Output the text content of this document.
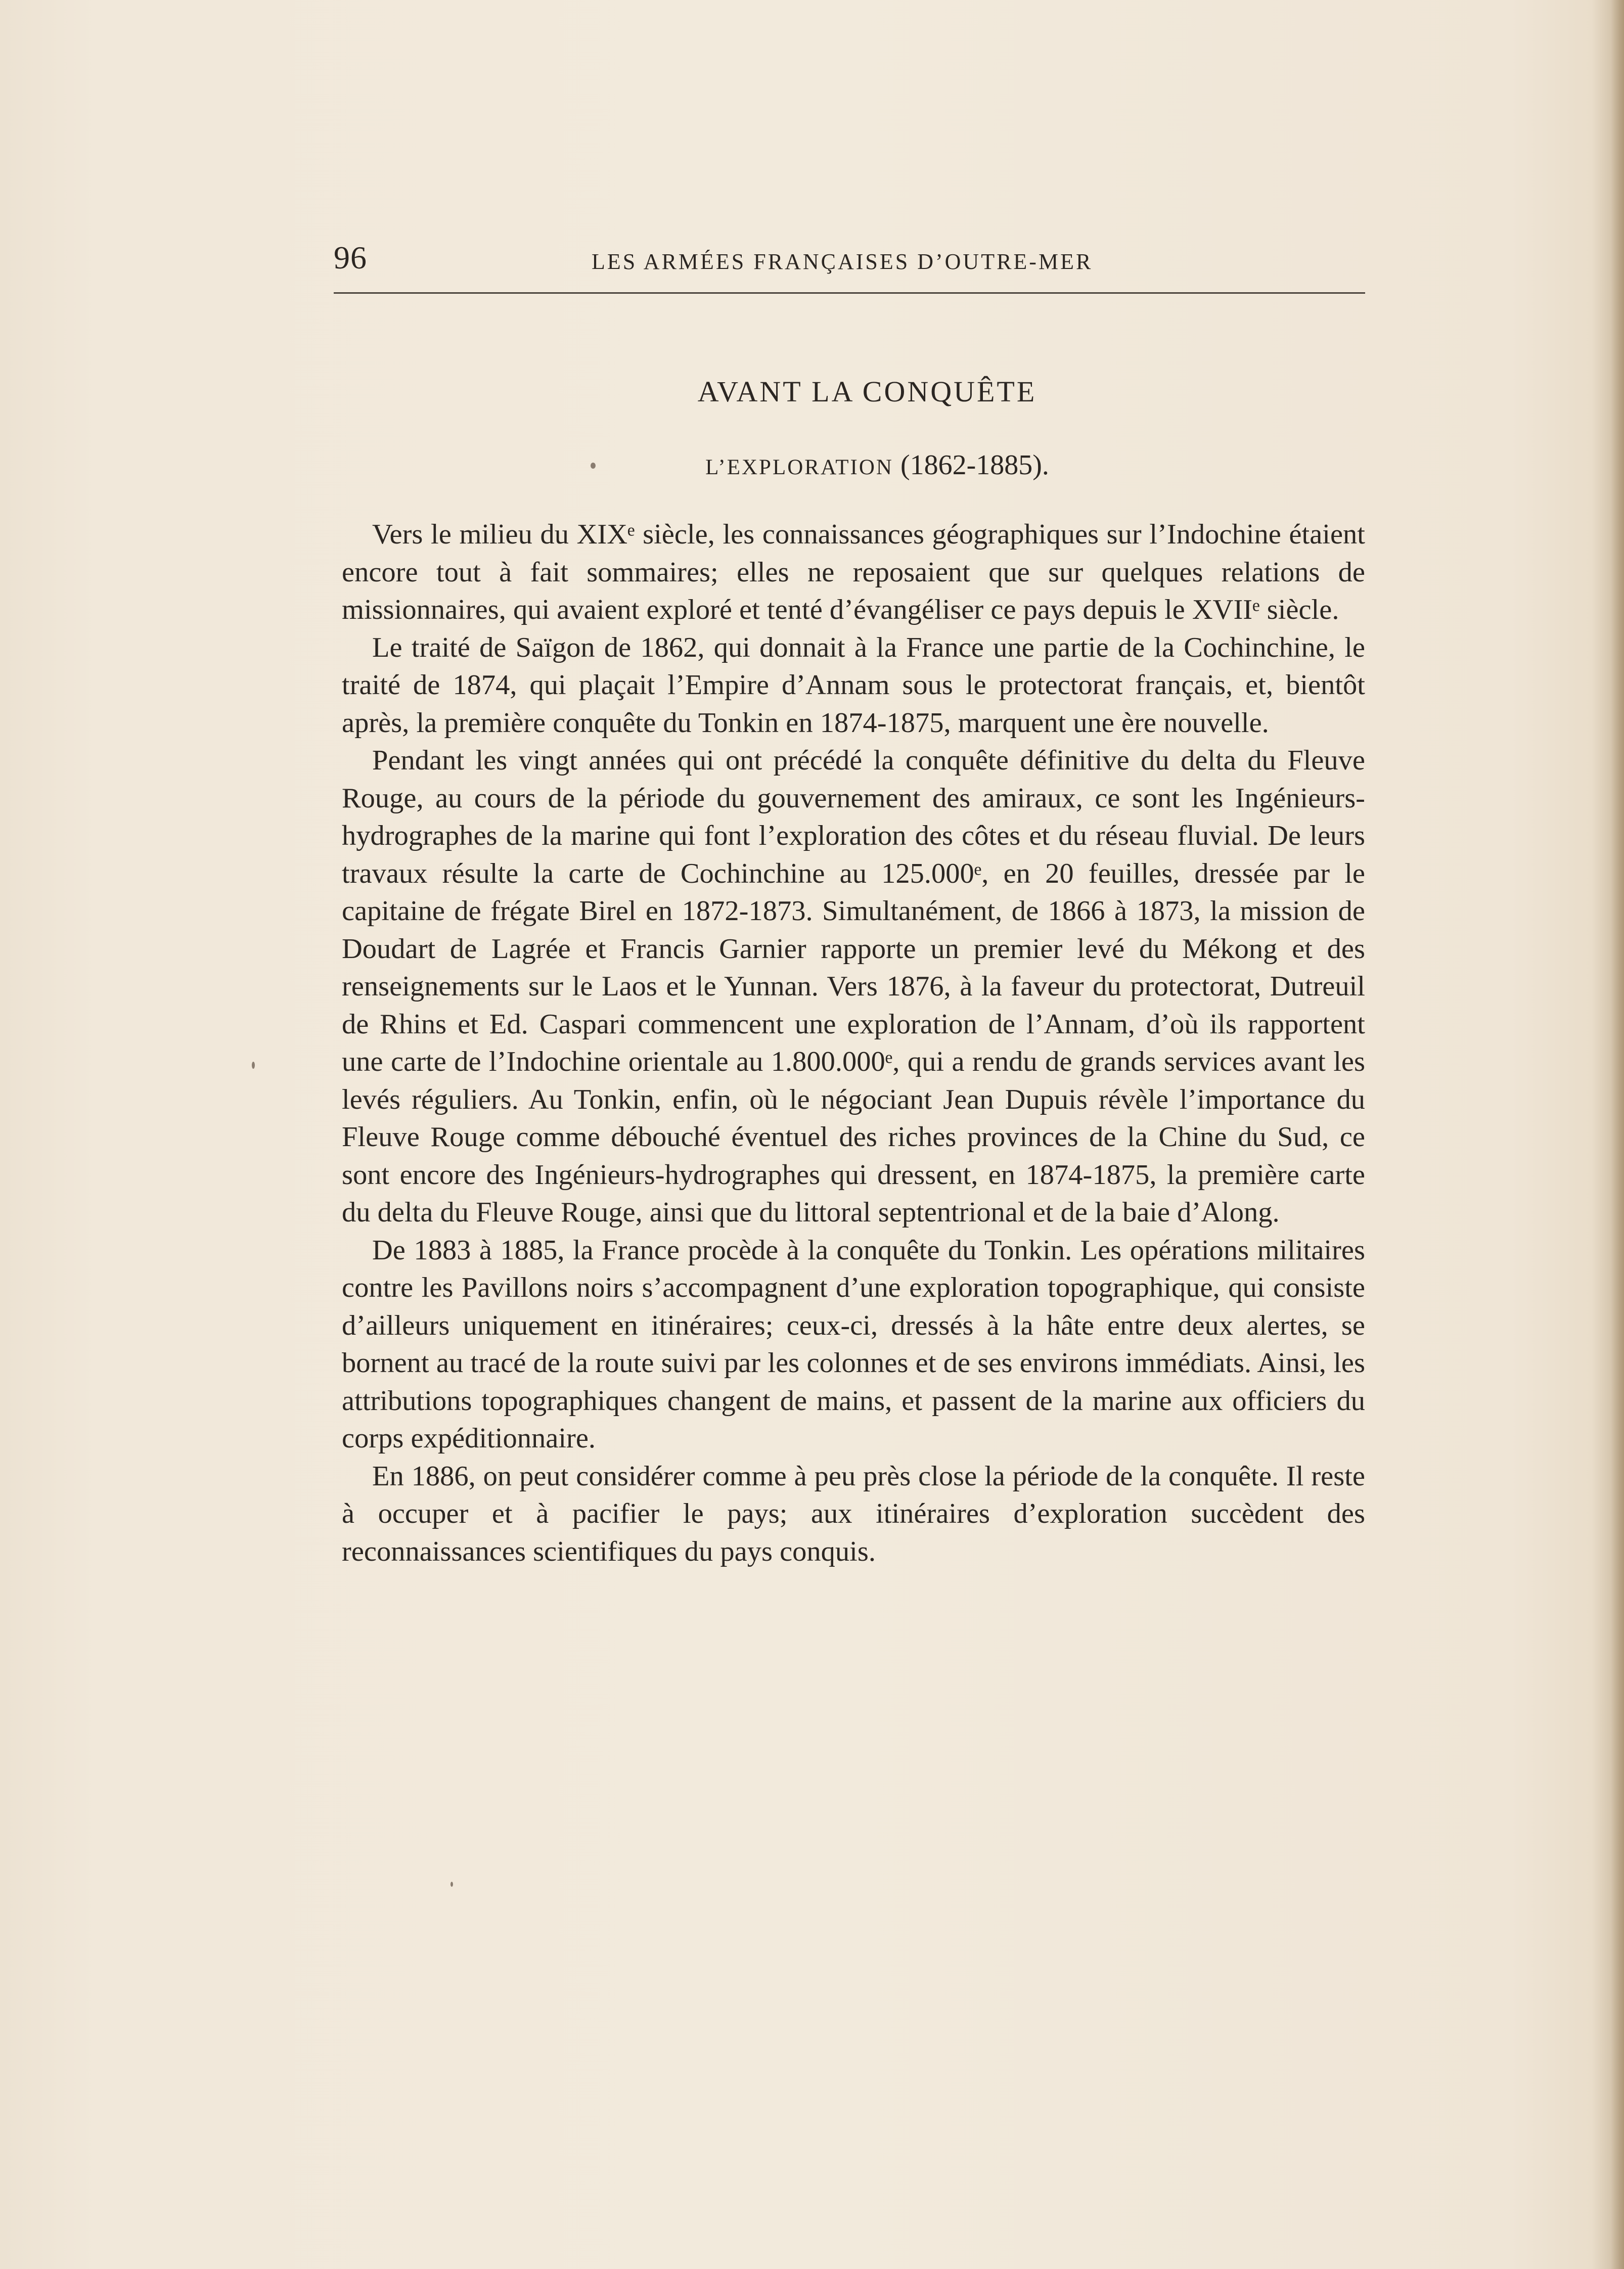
96	LES ARMÉES FRANÇAISES D’OUTRE-MER
AVANT LA CONQUÊTE
L’EXPLORATION (1862-1885).

Vers le milieu du XIXᵉ siècle, les connaissances géographiques sur l’Indochine étaient encore tout à fait sommaires; elles ne reposaient que sur quelques relations de missionnaires, qui avaient exploré et tenté d’évangéliser ce pays depuis le XVIIᵉ siècle.

Le traité de Saïgon de 1862, qui donnait à la France une partie de la Cochinchine, le traité de 1874, qui plaçait l’Empire d’Annam sous le protectorat français, et, bientôt après, la première conquête du Tonkin en 1874-1875, marquent une ère nouvelle.

Pendant les vingt années qui ont précédé la conquête définitive du delta du Fleuve Rouge, au cours de la période du gouvernement des amiraux, ce sont les Ingénieurs-hydrographes de la marine qui font l’exploration des côtes et du réseau fluvial. De leurs travaux résulte la carte de Cochinchine au 125.000ᵉ, en 20 feuilles, dressée par le capitaine de frégate Birel en 1872-1873. Simultanément, de 1866 à 1873, la mission de Doudart de Lagrée et Francis Garnier rapporte un premier levé du Mékong et des renseignements sur le Laos et le Yunnan. Vers 1876, à la faveur du protectorat, Dutreuil de Rhins et Ed. Caspari commencent une exploration de l’Annam, d’où ils rapportent une carte de l’Indochine orientale au 1.800.000ᵉ, qui a rendu de grands services avant les levés réguliers. Au Tonkin, enfin, où le négociant Jean Dupuis révèle l’importance du Fleuve Rouge comme débouché éventuel des riches provinces de la Chine du Sud, ce sont encore des Ingénieurs-hydrographes qui dressent, en 1874-1875, la première carte du delta du Fleuve Rouge, ainsi que du littoral septentrional et de la baie d’Along.

De 1883 à 1885, la France procède à la conquête du Tonkin. Les opérations militaires contre les Pavillons noirs s’accompagnent d’une exploration topographique, qui consiste d’ailleurs uniquement en itinéraires; ceux-ci, dressés à la hâte entre deux alertes, se bornent au tracé de la route suivi par les colonnes et de ses environs immédiats. Ainsi, les attributions topographiques changent de mains, et passent de la marine aux officiers du corps expéditionnaire.

En 1886, on peut considérer comme à peu près close la période de la conquête. Il reste à occuper et à pacifier le pays; aux itinéraires d’exploration succèdent des reconnaissances scientifiques du pays conquis.
